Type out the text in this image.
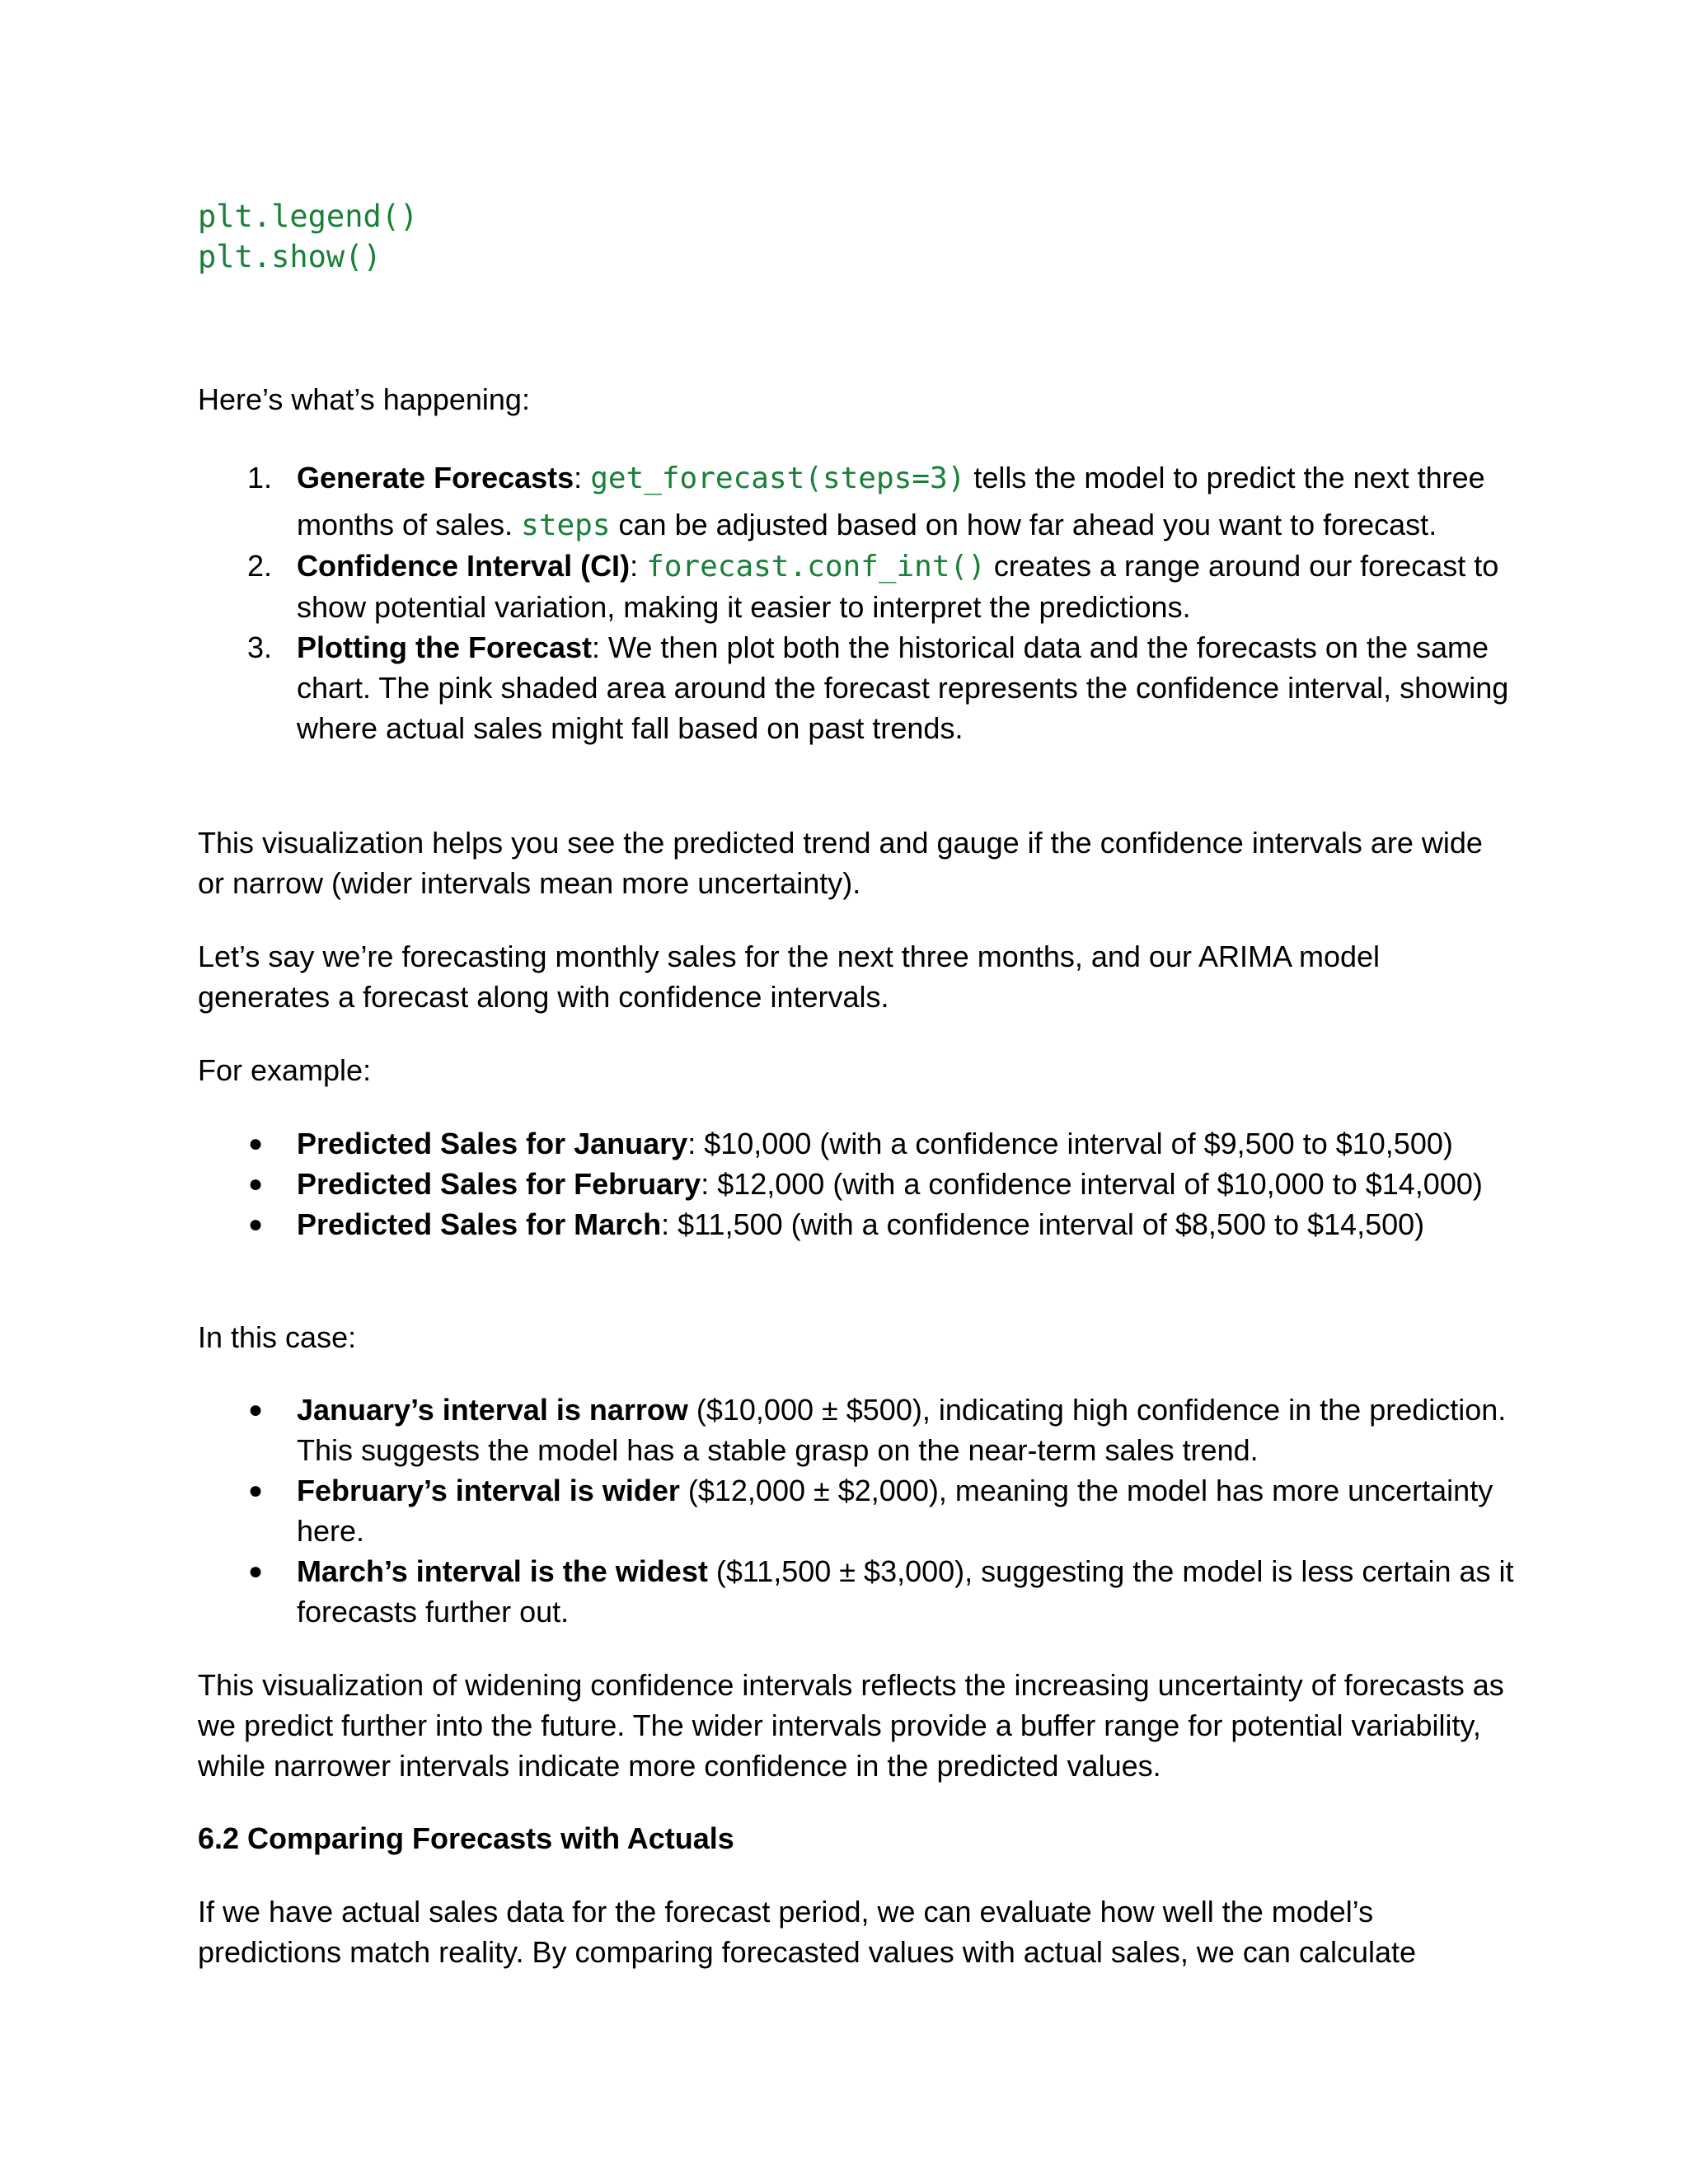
plt.legend()
plt.show()

Here’s what’s happening:

1. Generate Forecasts: get_forecast(steps=3) tells the model to predict the next three months of sales. steps can be adjusted based on how far ahead you want to forecast.
2. Confidence Interval (CI): forecast.conf_int() creates a range around our forecast to show potential variation, making it easier to interpret the predictions.
3. Plotting the Forecast: We then plot both the historical data and the forecasts on the same chart. The pink shaded area around the forecast represents the confidence interval, showing where actual sales might fall based on past trends.

This visualization helps you see the predicted trend and gauge if the confidence intervals are wide or narrow (wider intervals mean more uncertainty).

Let’s say we’re forecasting monthly sales for the next three months, and our ARIMA model generates a forecast along with confidence intervals.

For example:

● Predicted Sales for January: $10,000 (with a confidence interval of $9,500 to $10,500)
● Predicted Sales for February: $12,000 (with a confidence interval of $10,000 to $14,000)
● Predicted Sales for March: $11,500 (with a confidence interval of $8,500 to $14,500)

In this case:

● January’s interval is narrow ($10,000 ± $500), indicating high confidence in the prediction. This suggests the model has a stable grasp on the near-term sales trend.
● February’s interval is wider ($12,000 ± $2,000), meaning the model has more uncertainty here.
● March’s interval is the widest ($11,500 ± $3,000), suggesting the model is less certain as it forecasts further out.

This visualization of widening confidence intervals reflects the increasing uncertainty of forecasts as we predict further into the future. The wider intervals provide a buffer range for potential variability, while narrower intervals indicate more confidence in the predicted values.

6.2 Comparing Forecasts with Actuals

If we have actual sales data for the forecast period, we can evaluate how well the model’s predictions match reality. By comparing forecasted values with actual sales, we can calculate
